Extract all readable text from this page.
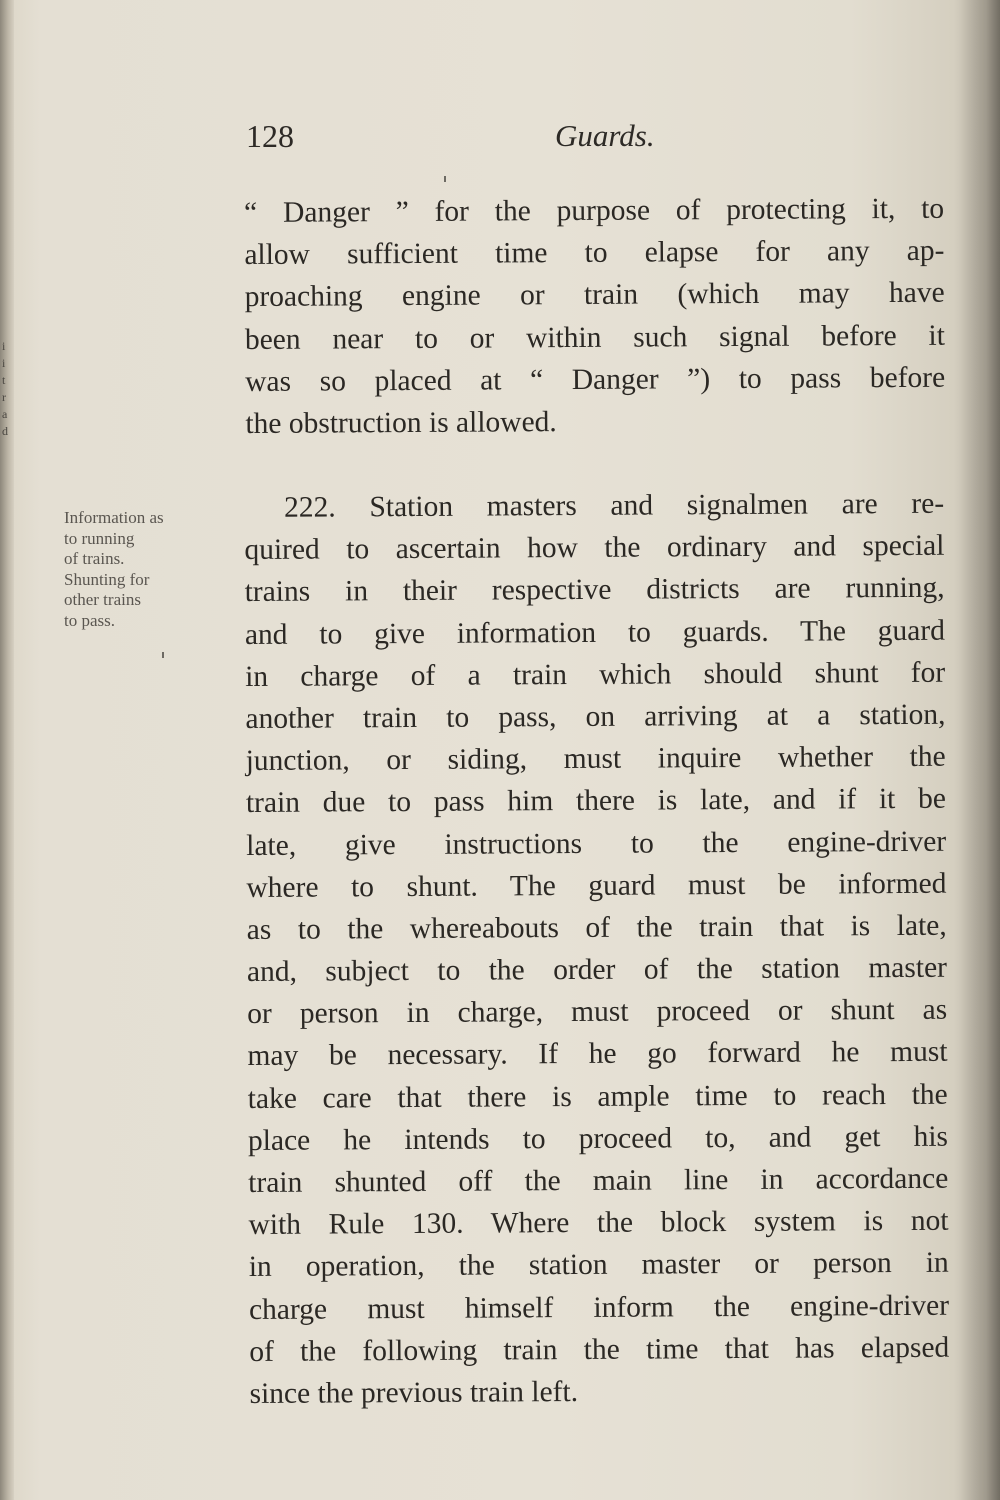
i
i
t
r
a
d
128	Guards.
“ Danger ” for the purpose of protecting it, to
allow sufficient time to elapse for any ap-
proaching engine or train (which may have
been near to or within such signal before it
was so placed at “ Danger ”) to pass before
the obstruction is allowed.
Information as
to running
of trains.
Shunting for
other trains
to pass.
222. Station masters and signalmen are re-
quired to ascertain how the ordinary and special
trains in their respective districts are running,
and to give information to guards. The guard
in charge of a train which should shunt for
another train to pass, on arriving at a station,
junction, or siding, must inquire whether the
train due to pass him there is late, and if it be
late, give instructions to the engine-driver
where to shunt. The guard must be informed
as to the whereabouts of the train that is late,
and, subject to the order of the station master
or person in charge, must proceed or shunt as
may be necessary. If he go forward he must
take care that there is ample time to reach the
place he intends to proceed to, and get his
train shunted off the main line in accordance
with Rule 130. Where the block system is not
in operation, the station master or person in
charge must himself inform the engine-driver
of the following train the time that has elapsed
since the previous train left.
